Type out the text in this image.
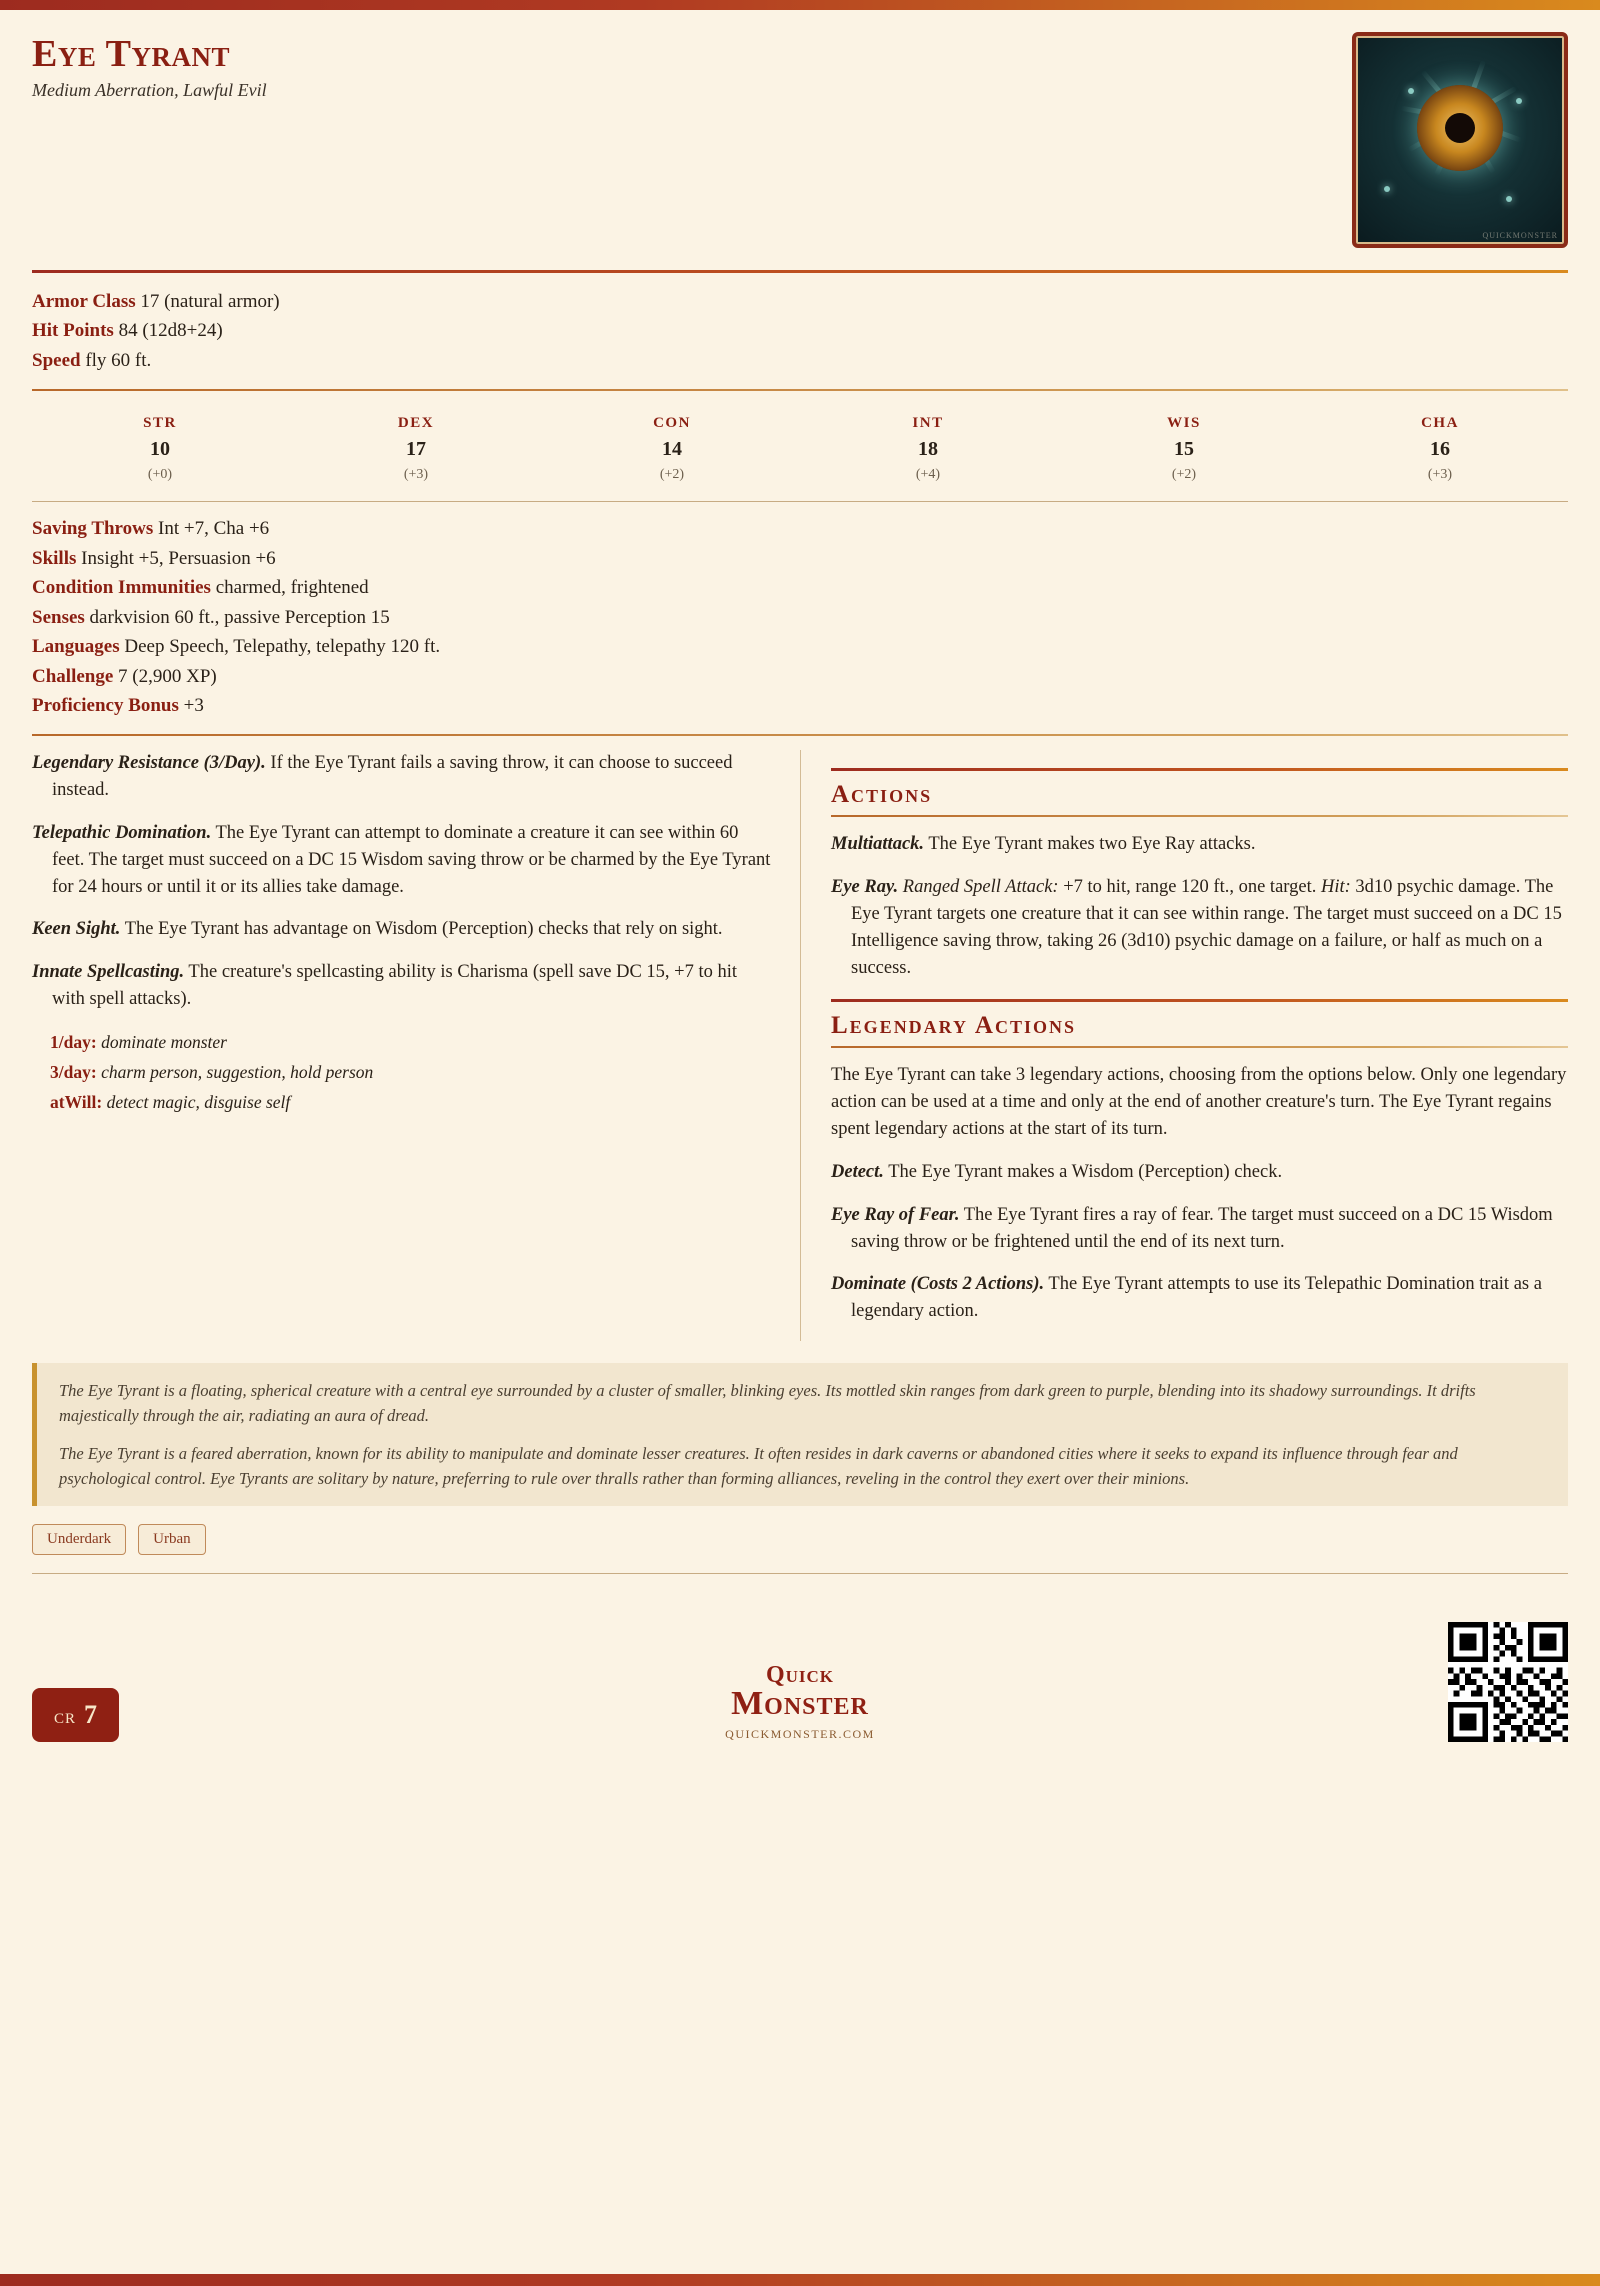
Eye Tyrant

Medium Aberration, Lawful Evil

QUICKMONSTER
Armor Class 17 (natural armor)
Hit Points 84 (12d8+24)
Speed fly 60 ft.
STR
10
(+0)
DEX
17
(+3)
CON
14
(+2)
INT
18
(+4)
WIS
15
(+2)
CHA
16
(+3)
Saving Throws Int +7, Cha +6
Skills Insight +5, Persuasion +6
Condition Immunities charmed, frightened
Senses darkvision 60 ft., passive Perception 15
Languages Deep Speech, Telepathy, telepathy 120 ft.
Challenge 7 (2,900 XP)
Proficiency Bonus +3

Legendary Resistance (3/Day). If the Eye Tyrant fails a saving throw, it can choose to succeed instead.

Telepathic Domination. The Eye Tyrant can attempt to dominate a creature it can see within 60 feet. The target must succeed on a DC 15 Wisdom saving throw or be charmed by the Eye Tyrant for 24 hours or until it or its allies take damage.

Keen Sight. The Eye Tyrant has advantage on Wisdom (Perception) checks that rely on sight.

Innate Spellcasting. The creature's spellcasting ability is Charisma (spell save DC 15, +7 to hit with spell attacks).

1/day: dominate monster

3/day: charm person, suggestion, hold person

atWill: detect magic, disguise self

Actions

Multiattack. The Eye Tyrant makes two Eye Ray attacks.

Eye Ray. Ranged Spell Attack: +7 to hit, range 120 ft., one target. Hit: 3d10 psychic damage. The Eye Tyrant targets one creature that it can see within range. The target must succeed on a DC 15 Intelligence saving throw, taking 26 (3d10) psychic damage on a failure, or half as much on a success.

Legendary Actions

The Eye Tyrant can take 3 legendary actions, choosing from the options below. Only one legendary action can be used at a time and only at the end of another creature's turn. The Eye Tyrant regains spent legendary actions at the start of its turn.

Detect. The Eye Tyrant makes a Wisdom (Perception) check.

Eye Ray of Fear. The Eye Tyrant fires a ray of fear. The target must succeed on a DC 15 Wisdom saving throw or be frightened until the end of its next turn.

Dominate (Costs 2 Actions). The Eye Tyrant attempts to use its Telepathic Domination trait as a legendary action.

The Eye Tyrant is a floating, spherical creature with a central eye surrounded by a cluster of smaller, blinking eyes. Its mottled skin ranges from dark green to purple, blending into its shadowy surroundings. It drifts majestically through the air, radiating an aura of dread.

The Eye Tyrant is a feared aberration, known for its ability to manipulate and dominate lesser creatures. It often resides in dark caverns or abandoned cities where it seeks to expand its influence through fear and psychological control. Eye Tyrants are solitary by nature, preferring to rule over thralls rather than forming alliances, reveling in the control they exert over their minions.

Underdark	Urban
CR 7
Quick
Monster
QUICKMONSTER.COM
